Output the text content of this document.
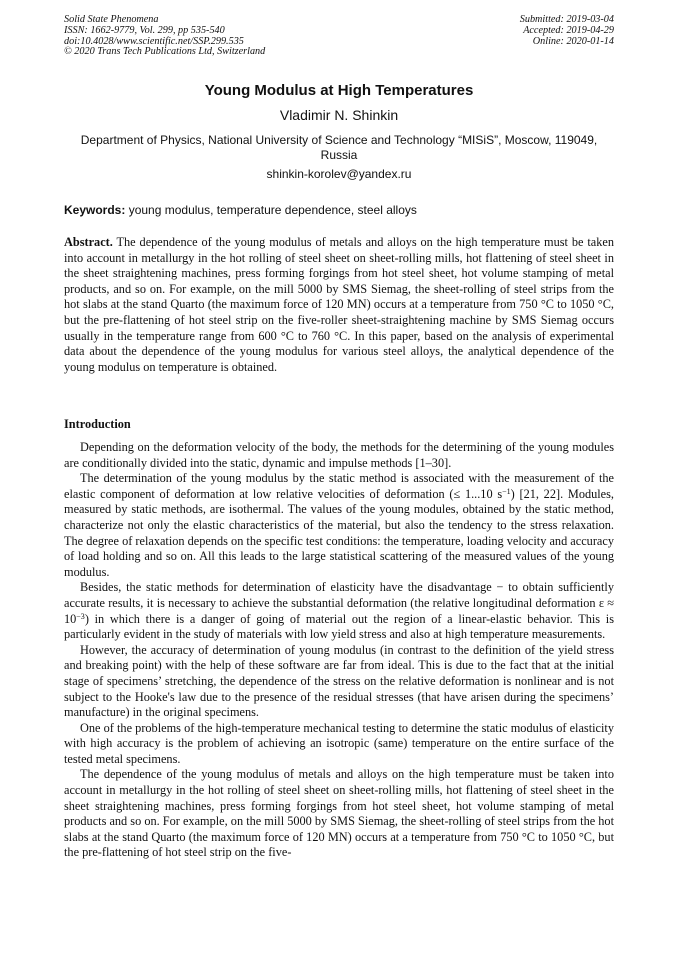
Solid State Phenomena
ISSN: 1662-9779, Vol. 299, pp 535-540
doi:10.4028/www.scientific.net/SSP.299.535
© 2020 Trans Tech Publications Ltd, Switzerland
Submitted: 2019-03-04
Accepted: 2019-04-29
Online: 2020-01-14
Young Modulus at High Temperatures
Vladimir N. Shinkin
Department of Physics, National University of Science and Technology “MISiS”, Moscow, 119049, Russia
shinkin-korolev@yandex.ru
Keywords: young modulus, temperature dependence, steel alloys
Abstract. The dependence of the young modulus of metals and alloys on the high temperature must be taken into account in metallurgy in the hot rolling of steel sheet on sheet-rolling mills, hot flattening of steel sheet in the sheet straightening machines, press forming forgings from hot steel sheet, hot volume stamping of metal products, and so on. For example, on the mill 5000 by SMS Siemag, the sheet-rolling of steel strips from the hot slabs at the stand Quarto (the maximum force of 120 MN) occurs at a temperature from 750 °C to 1050 °C, but the pre-flattening of hot steel strip on the five-roller sheet-straightening machine by SMS Siemag occurs usually in the temperature range from 600 °C to 760 °C. In this paper, based on the analysis of experimental data about the dependence of the young modulus for various steel alloys, the analytical dependence of the young modulus on temperature is obtained.
Introduction

Depending on the deformation velocity of the body, the methods for the determining of the young modules are conditionally divided into the static, dynamic and impulse methods [1–30].

The determination of the young modulus by the static method is associated with the measurement of the elastic component of deformation at low relative velocities of deformation (≤ 1...10 $s^{-1}$) [21, 22]. Modules, measured by static methods, are isothermal. The values of the young modules, obtained by the static method, characterize not only the elastic characteristics of the material, but also the tendency to the stress relaxation. The degree of relaxation depends on the specific test conditions: the temperature, loading velocity and accuracy of load holding and so on. All this leads to the large statistical scattering of the measured values of the young modulus.

Besides, the static methods for determination of elasticity have the disadvantage − to obtain sufficiently accurate results, it is necessary to achieve the substantial deformation (the relative longitudinal deformation $\varepsilon \approx 10^{-3}$) in which there is a danger of going of material out the region of a linear-elastic behavior. This is particularly evident in the study of materials with low yield stress and also at high temperature measurements.

However, the accuracy of determination of young modulus (in contrast to the definition of the yield stress and breaking point) with the help of these software are far from ideal. This is due to the fact that at the initial stage of specimens’ stretching, the dependence of the stress on the relative deformation is nonlinear and is not subject to the Hooke's law due to the presence of the residual stresses (that have arisen during the specimens’ manufacture) in the original specimens.

One of the problems of the high-temperature mechanical testing to determine the static modulus of elasticity with high accuracy is the problem of achieving an isotropic (same) temperature on the entire surface of the tested metal specimens.

The dependence of the young modulus of metals and alloys on the high temperature must be taken into account in metallurgy in the hot rolling of steel sheet on sheet-rolling mills, hot flattening of steel sheet in the sheet straightening machines, press forming forgings from hot steel sheet, hot volume stamping of metal products and so on. For example, on the mill 5000 by SMS Siemag, the sheet-rolling of steel strips from the hot slabs at the stand Quarto (the maximum force of 120 MN) occurs at a temperature from 750 °C to 1050 °C, but the pre-flattening of hot steel strip on the five-
